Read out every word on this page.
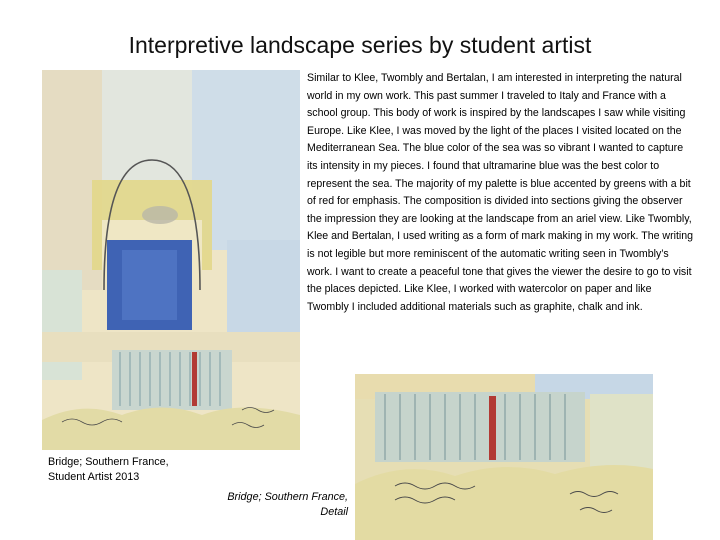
Interpretive landscape series by student artist
Similar to Klee, Twombly and Bertalan, I am interested in interpreting the natural world in my own work. This past summer I traveled to Italy and France with a school group. This body of work is inspired by the landscapes I saw while visiting Europe. Like Klee, I was moved by the light of the places I visited located on the Mediterranean Sea. The blue color of the sea was so vibrant I wanted to capture its intensity in my pieces. I found that ultramarine blue was the best color to represent the sea. The majority of my palette is blue accented by greens with a bit of red for emphasis. The composition is divided into sections giving the observer the impression they are looking at the landscape from an ariel view. Like Twombly, Klee and Bertalan, I used writing as a form of mark making in my work. The writing is not legible but more reminiscent of the automatic writing seen in Twombly’s work. I want to create a peaceful tone that gives the viewer the desire to go to visit the places depicted. Like Klee, I worked with watercolor on paper and like Twombly I included additional materials such as graphite, chalk and ink.
Bridge; Southern France,
Student Artist 2013
Bridge; Southern France,
Detail
